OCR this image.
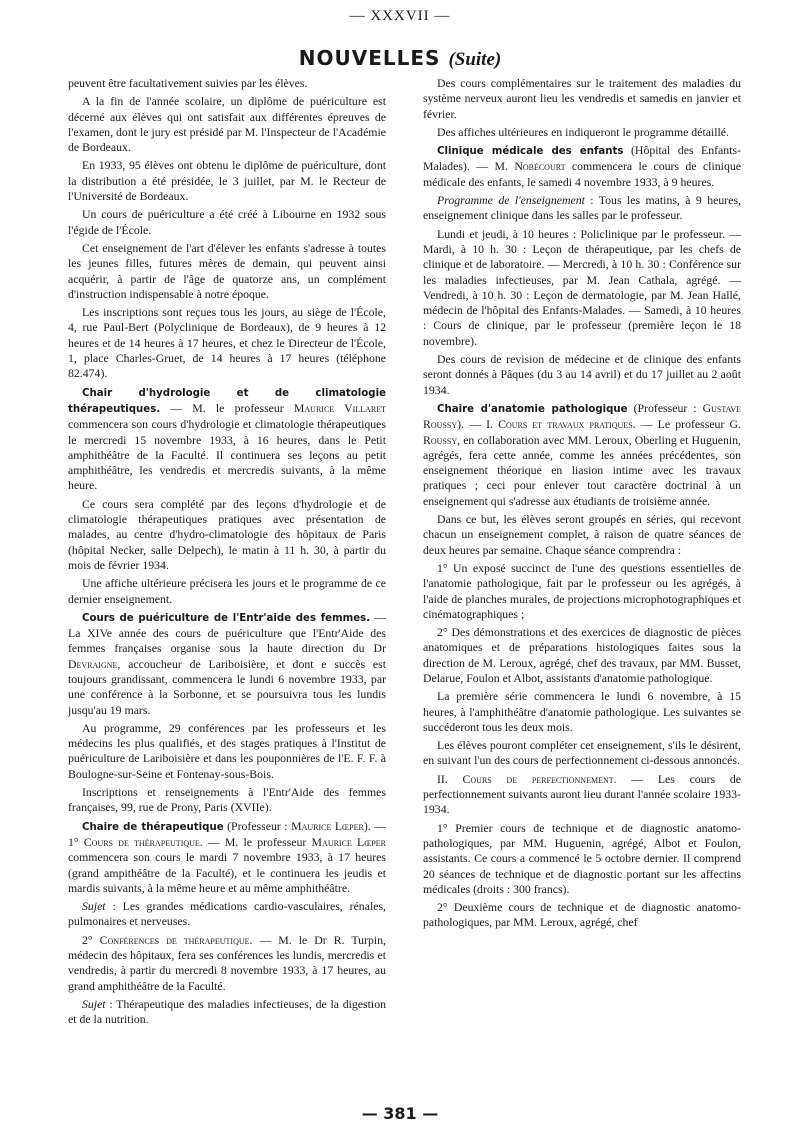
— XXXVII —
NOUVELLES (Suite)

peuvent être facultativement suivies par les élèves.

A la fin de l'année scolaire, un diplôme de puériculture est décerné aux élèves qui ont satisfait aux différentes épreuves de l'examen, dont le jury est présidé par M. l'Inspecteur de l'Académie de Bordeaux.

En 1933, 95 élèves ont obtenu le diplôme de puériculture, dont la distribution a été présidée, le 3 juillet, par M. le Recteur de l'Université de Bordeaux.

Un cours de puériculture a été créé à Libourne en 1932 sous l'égide de l'École.

Cet enseignement de l'art d'élever les enfants s'adresse à toutes les jeunes filles, futures mères de demain, qui peuvent ainsi acquérir, à partir de l'âge de quatorze ans, un complément d'instruction indispensable à notre époque.

Les inscriptions sont reçues tous les jours, au siège de l'École, 4, rue Paul-Bert (Polyclinique de Bordeaux), de 9 heures à 12 heures et de 14 heures à 17 heures, et chez le Directeur de l'École, 1, place Charles-Gruet, de 14 heures à 17 heures (téléphone 82.474).

Chair d'hydrologie et de climatologie thérapeutiques. — M. le professeur Maurice Villaret commencera son cours d'hydrologie et climatologie thérapeutiques le mercredi 15 novembre 1933, à 16 heures, dans le Petit amphithéâtre de la Faculté. Il continuera ses leçons au petit amphithéâtre, les vendredis et mercredis suivants, à la même heure.

Ce cours sera complété par des leçons d'hydrologie et de climatologie thérapeutiques pratiques avec présentation de malades, au centre d'hydro-climatologie des hôpitaux de Paris (hôpital Necker, salle Delpech), le matin à 11 h. 30, à partir du mois de février 1934.

Une affiche ultérieure précisera les jours et le programme de ce dernier enseignement.

Cours de puériculture de l'Entr'aide des femmes. — La XIVe année des cours de puériculture que l'Entr'Aide des femmes françaises organise sous la haute direction du Dr Devraigne, accoucheur de Lariboisière, et dont e succès est toujours grandissant, commencera le lundi 6 novembre 1933, par une conférence à la Sorbonne, et se poursuivra tous les lundis jusqu'au 19 mars.

Au programme, 29 conférences par les professeurs et les médecins les plus qualifiés, et des stages pratiques à l'Institut de puériculture de Lariboisière et dans les pouponnières de l'E. F. F. à Boulogne-sur-Seine et Fontenay-sous-Bois.

Inscriptions et renseignements à l'Entr'Aide des femmes françaises, 99, rue de Prony, Paris (XVIIe).

Chaire de thérapeutique (Professeur : Maurice Lœper). — 1° Cours de thérapeutique. — M. le professeur Maurice Lœper commencera son cours le mardi 7 novembre 1933, à 17 heures (grand ampithéâtre de la Faculté), et le continuera les jeudis et mardis suivants, à la même heure et au même amphithéâtre.

Sujet : Les grandes médications cardio-vasculaires, rénales, pulmonaires et nerveuses.

2° Conférences de thérapeutique. — M. le Dr R. Turpin, médecin des hôpitaux, fera ses conférences les lundis, mercredis et vendredis, à partir du mercredi 8 novembre 1933, à 17 heures, au grand amphithéâtre de la Faculté.

Sujet : Thérapeutique des maladies infectieuses, de la digestion et de la nutrition.

Des cours complémentaires sur le traitement des maladies du système nerveux auront lieu les vendredis et samedis en janvier et février.

Des affiches ultérieures en indiqueront le programme détaillé.

Clinique médicale des enfants (Hôpital des Enfants-Malades). — M. Nobécourt commencera le cours de clinique médicale des enfants, le samedi 4 novembre 1933, à 9 heures.

Programme de l'enseignement : Tous les matins, à 9 heures, enseignement clinique dans les salles par le professeur.

Lundi et jeudi, à 10 heures : Policlinique par le professeur. — Mardi, à 10 h. 30 : Leçon de thérapeutique, par les chefs de clinique et de laboratoire. — Mercredi, à 10 h. 30 : Conférence sur les maladies infectieuses, par M. Jean Cathala, agrégé. — Vendredi, à 10 h. 30 : Leçon de dermatologie, par M. Jean Hallé, médecin de l'hôpital des Enfants-Malades. — Samedi, à 10 heures : Cours de clinique, par le professeur (première leçon le 18 novembre).

Des cours de revision de médecine et de clinique des enfants seront donnés à Pâques (du 3 au 14 avril) et du 17 juillet au 2 août 1934.

Chaire d'anatomie pathologique (Professeur : Gustave Roussy). — I. Cours et travaux pratiques. — Le professeur G. Roussy, en collaboration avec MM. Leroux, Oberling et Huguenin, agrégés, fera cette année, comme les années précédentes, son enseignement théorique en liasion intime avec les travaux pratiques ; ceci pour enlever tout caractère doctrinal à un enseignement qui s'adresse aux étudiants de troisième année.

Dans ce but, les élèves seront groupés en séries, qui recevont chacun un enseignement complet, à raison de quatre séances de deux heures par semaine. Chaque séance comprendra :

1° Un exposé succinct de l'une des questions essentielles de l'anatomie pathologique, fait par le professeur ou les agrégés, à l'aide de planches murales, de projections microphotographiques et cinématographiques ;

2° Des démonstrations et des exercices de diagnostic de pièces anatomiques et de préparations histologiques faites sous la direction de M. Leroux, agrégé, chef des travaux, par MM. Busset, Delarue, Foulon et Albot, assistants d'anatomie pathologique.

La première série commencera le lundi 6 novembre, à 15 heures, à l'amphithéâtre d'anatomie pathologique. Les suivantes se succéderont tous les deux mois.

Les élèves pouront compléter cet enseignement, s'ils le désirent, en suivant l'un des cours de perfectionnement ci-dessous annoncés.

II. Cours de perfectionnement. — Les cours de perfectionnement suivants auront lieu durant l'année scolaire 1933-1934.

1° Premier cours de technique et de diagnostic anatomo-pathologiques, par MM. Huguenin, agrégé, Albot et Foulon, assistants. Ce cours a commencé le 5 octobre dernier. Il comprend 20 séances de technique et de diagnostic portant sur les affectins médicales (droits : 300 francs).

2° Deuxième cours de technique et de diagnostic anatomo-pathologiques, par MM. Leroux, agrégé, chef

— 381 —
